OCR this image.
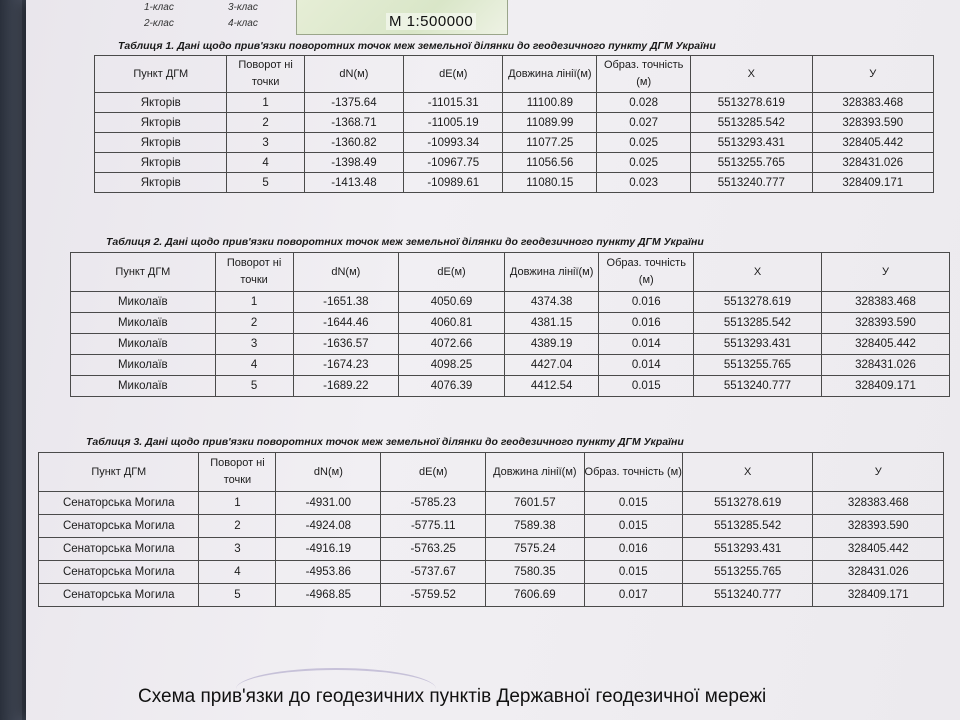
1-клас	3-клас
2-клас	4-клас	М 1:500000
Таблиця 1. Дані щодо прив'язки поворотних точок меж земельної ділянки до геодезичного пункту ДГМ України
Пункт ДГМ	Поворот ні точки	dN(м)	dE(м)	Довжина лінії(м)	Образ. точність (м)	X	У
Якторів	1	-1375.64	-11015.31	11100.89	0.028	5513278.619	328383.468
Якторів	2	-1368.71	-11005.19	11089.99	0.027	5513285.542	328393.590
Якторів	3	-1360.82	-10993.34	11077.25	0.025	5513293.431	328405.442
Якторів	4	-1398.49	-10967.75	11056.56	0.025	5513255.765	328431.026
Якторів	5	-1413.48	-10989.61	11080.15	0.023	5513240.777	328409.171
Таблиця 2. Дані щодо прив'язки поворотних точок меж земельної ділянки до геодезичного пункту ДГМ України
Пункт ДГМ	Поворот ні точки	dN(м)	dE(м)	Довжина лінії(м)	Образ. точність (м)	X	У
Миколаїв	1	-1651.38	4050.69	4374.38	0.016	5513278.619	328383.468
Миколаїв	2	-1644.46	4060.81	4381.15	0.016	5513285.542	328393.590
Миколаїв	3	-1636.57	4072.66	4389.19	0.014	5513293.431	328405.442
Миколаїв	4	-1674.23	4098.25	4427.04	0.014	5513255.765	328431.026
Миколаїв	5	-1689.22	4076.39	4412.54	0.015	5513240.777	328409.171
Таблиця 3. Дані щодо прив'язки поворотних точок меж земельної ділянки до геодезичного пункту ДГМ України
Пункт ДГМ	Поворот ні точки	dN(м)	dE(м)	Довжина лінії(м)	Образ. точність (м)	X	У
Сенаторська Могила	1	-4931.00	-5785.23	7601.57	0.015	5513278.619	328383.468
Сенаторська Могила	2	-4924.08	-5775.11	7589.38	0.015	5513285.542	328393.590
Сенаторська Могила	3	-4916.19	-5763.25	7575.24	0.016	5513293.431	328405.442
Сенаторська Могила	4	-4953.86	-5737.67	7580.35	0.015	5513255.765	328431.026
Сенаторська Могила	5	-4968.85	-5759.52	7606.69	0.017	5513240.777	328409.171
Схема прив'язки до геодезичних пунктів Державної геодезичної мережі
